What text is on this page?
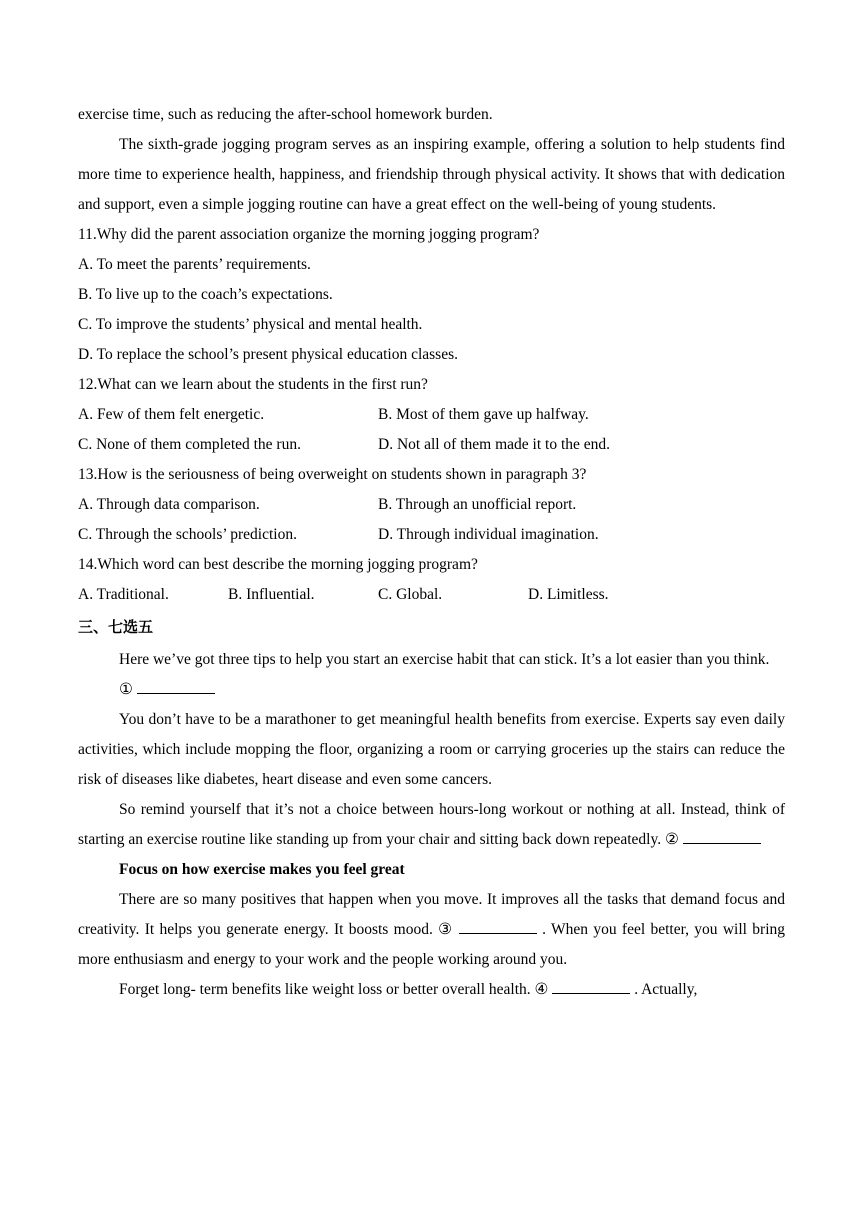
exercise time, such as reducing the after-school homework burden.
The sixth-grade jogging program serves as an inspiring example, offering a solution to help students find more time to experience health, happiness, and friendship through physical activity. It shows that with dedication and support, even a simple jogging routine can have a great effect on the well-being of young students.
11.Why did the parent association organize the morning jogging program?
A. To meet the parents’ requirements.
B. To live up to the coach’s expectations.
C. To improve the students’ physical and mental health.
D. To replace the school’s present physical education classes.
12.What can we learn about the students in the first run?
A. Few of them felt energetic.	B. Most of them gave up halfway.
C. None of them completed the run.	D. Not all of them made it to the end.
13.How is the seriousness of being overweight on students shown in paragraph 3?
A. Through data comparison.	B. Through an unofficial report.
C. Through the schools’ prediction.	D. Through individual imagination.
14.Which word can best describe the morning jogging program?
A. Traditional.	B. Influential.	C. Global.	D. Limitless.
三、七选五
Here we’ve got three tips to help you start an exercise habit that can stick. It’s a lot easier than you think.
①
You don’t have to be a marathoner to get meaningful health benefits from exercise. Experts say even daily activities, which include mopping the floor, organizing a room or carrying groceries up the stairs can reduce the risk of diseases like diabetes, heart disease and even some cancers.
So remind yourself that it’s not a choice between hours-long workout or nothing at all. Instead, think of starting an exercise routine like standing up from your chair and sitting back down repeatedly. ②
Focus on how exercise makes you feel great
There are so many positives that happen when you move. It improves all the tasks that demand focus and creativity. It helps you generate energy. It boosts mood. ③	. When you feel better, you will bring more enthusiasm and energy to your work and the people working around you.
Forget long- term benefits like weight loss or better overall health. ④	. Actually,
